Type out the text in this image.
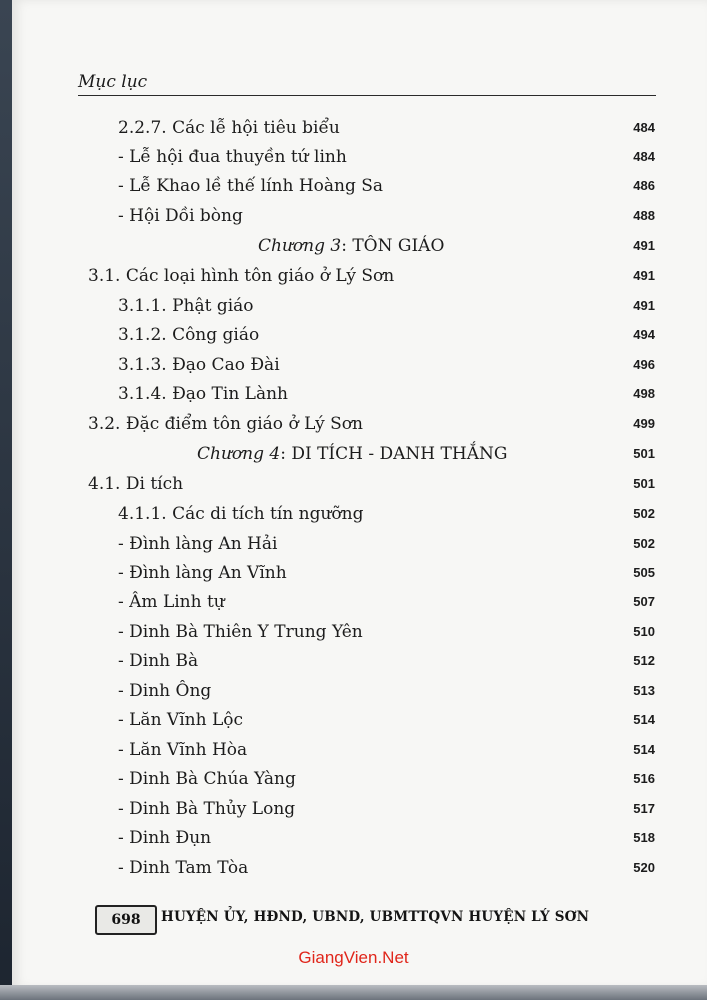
Mục lục
2.2.7. Các lễ hội tiêu biểu	484
- Lễ hội đua thuyền tứ linh	484
- Lễ Khao lề thế lính Hoàng Sa	486
- Hội Dồi bòng	488
Chương 3: TÔN GIÁO	491
3.1. Các loại hình tôn giáo ở Lý Sơn	491
3.1.1. Phật giáo	491
3.1.2. Công giáo	494
3.1.3. Đạo Cao Đài	496
3.1.4. Đạo Tin Lành	498
3.2. Đặc điểm tôn giáo ở Lý Sơn	499
Chương 4: DI TÍCH - DANH THẮNG	501
4.1. Di tích	501
4.1.1. Các di tích tín ngưỡng	502
- Đình làng An Hải	502
- Đình làng An Vĩnh	505
- Âm Linh tự	507
- Dinh Bà Thiên Y Trung Yên	510
- Dinh Bà	512
- Dinh Ông	513
- Lăn Vĩnh Lộc	514
- Lăn Vĩnh Hòa	514
- Dinh Bà Chúa Yàng	516
- Dinh Bà Thủy Long	517
- Dinh Đụn	518
- Dinh Tam Tòa	520
698	HUYỆN ỦY, HĐND, UBND, UBMTTQVN HUYỆN LÝ SƠN
GiangVien.Net
